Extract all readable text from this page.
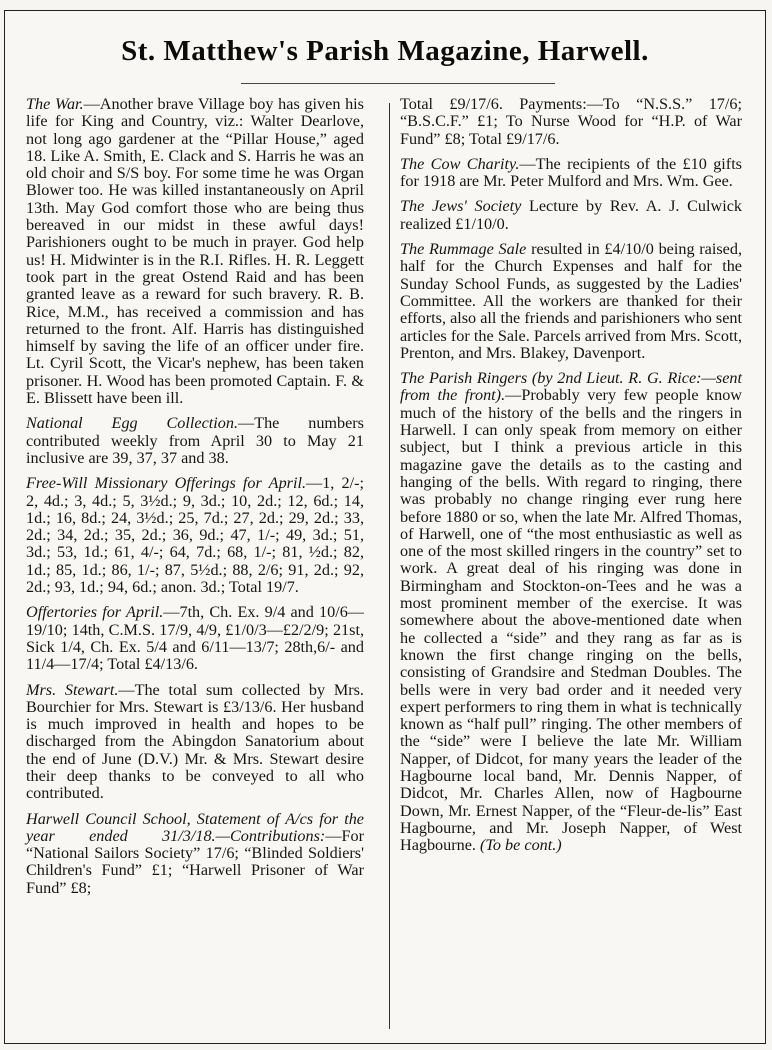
St. Matthew's Parish Magazine, Harwell.

The War.—Another brave Village boy has given his life for King and Country, viz.: Walter Dearlove, not long ago gardener at the “Pillar House,” aged 18. Like A. Smith, E. Clack and S. Harris he was an old choir and S/S boy. For some time he was Organ Blower too. He was killed instantaneously on April 13th. May God comfort those who are being thus bereaved in our midst in these awful days! Parishioners ought to be much in prayer. God help us! H. Midwinter is in the R.I. Rifles. H. R. Leggett took part in the great Ostend Raid and has been granted leave as a reward for such bravery. R. B. Rice, M.M., has received a commission and has returned to the front. Alf. Harris has distinguished himself by saving the life of an officer under fire. Lt. Cyril Scott, the Vicar's nephew, has been taken prisoner. H. Wood has been promoted Captain. F. & E. Blissett have been ill.

National Egg Collection.—The numbers contributed weekly from April 30 to May 21 inclusive are 39, 37, 37 and 38.

Free-Will Missionary Offerings for April.—1, 2/-; 2, 4d.; 3, 4d.; 5, 3½d.; 9, 3d.; 10, 2d.; 12, 6d.; 14, 1d.; 16, 8d.; 24, 3½d.; 25, 7d.; 27, 2d.; 29, 2d.; 33, 2d.; 34, 2d.; 35, 2d.; 36, 9d.; 47, 1/-; 49, 3d.; 51, 3d.; 53, 1d.; 61, 4/-; 64, 7d.; 68, 1/-; 81, ½d.; 82, 1d.; 85, 1d.; 86, 1/-; 87, 5½d.; 88, 2/6; 91, 2d.; 92, 2d.; 93, 1d.; 94, 6d.; anon. 3d.; Total 19/7.

Offertories for April.—7th, Ch. Ex. 9/4 and 10/6—19/10; 14th, C.M.S. 17/9, 4/9, £1/0/3—£2/2/9; 21st, Sick 1/4, Ch. Ex. 5/4 and 6/11—13/7; 28th,6/- and 11/4—17/4; Total £4/13/6.

Mrs. Stewart.—The total sum collected by Mrs. Bourchier for Mrs. Stewart is £3/13/6. Her husband is much improved in health and hopes to be discharged from the Abingdon Sanatorium about the end of June (D.V.) Mr. & Mrs. Stewart desire their deep thanks to be conveyed to all who contributed.

Harwell Council School, Statement of A/cs for the year ended 31/3/18.—Contributions:—For “National Sailors Society” 17/6; “Blinded Soldiers' Children's Fund” £1; “Harwell Prisoner of War Fund” £8;

Total £9/17/6. Payments:—To “N.S.S.” 17/6; “B.S.C.F.” £1; To Nurse Wood for “H.P. of War Fund” £8; Total £9/17/6.

The Cow Charity.—The recipients of the £10 gifts for 1918 are Mr. Peter Mulford and Mrs. Wm. Gee.

The Jews' Society Lecture by Rev. A. J. Culwick realized £1/10/0.

The Rummage Sale resulted in £4/10/0 being raised, half for the Church Expenses and half for the Sunday School Funds, as suggested by the Ladies' Committee. All the workers are thanked for their efforts, also all the friends and parishioners who sent articles for the Sale. Parcels arrived from Mrs. Scott, Prenton, and Mrs. Blakey, Davenport.

The Parish Ringers (by 2nd Lieut. R. G. Rice:—sent from the front).—Probably very few people know much of the history of the bells and the ringers in Harwell. I can only speak from memory on either subject, but I think a previous article in this magazine gave the details as to the casting and hanging of the bells. With regard to ringing, there was probably no change ringing ever rung here before 1880 or so, when the late Mr. Alfred Thomas, of Harwell, one of “the most enthusiastic as well as one of the most skilled ringers in the country” set to work. A great deal of his ringing was done in Birmingham and Stockton-on-Tees and he was a most prominent member of the exercise. It was somewhere about the above-mentioned date when he collected a “side” and they rang as far as is known the first change ringing on the bells, consisting of Grandsire and Stedman Doubles. The bells were in very bad order and it needed very expert performers to ring them in what is technically known as “half pull” ringing. The other members of the “side” were I believe the late Mr. William Napper, of Didcot, for many years the leader of the Hagbourne local band, Mr. Dennis Napper, of Didcot, Mr. Charles Allen, now of Hagbourne Down, Mr. Ernest Napper, of the “Fleur-de-lis” East Hagbourne, and Mr. Joseph Napper, of West Hagbourne. (To be cont.)
